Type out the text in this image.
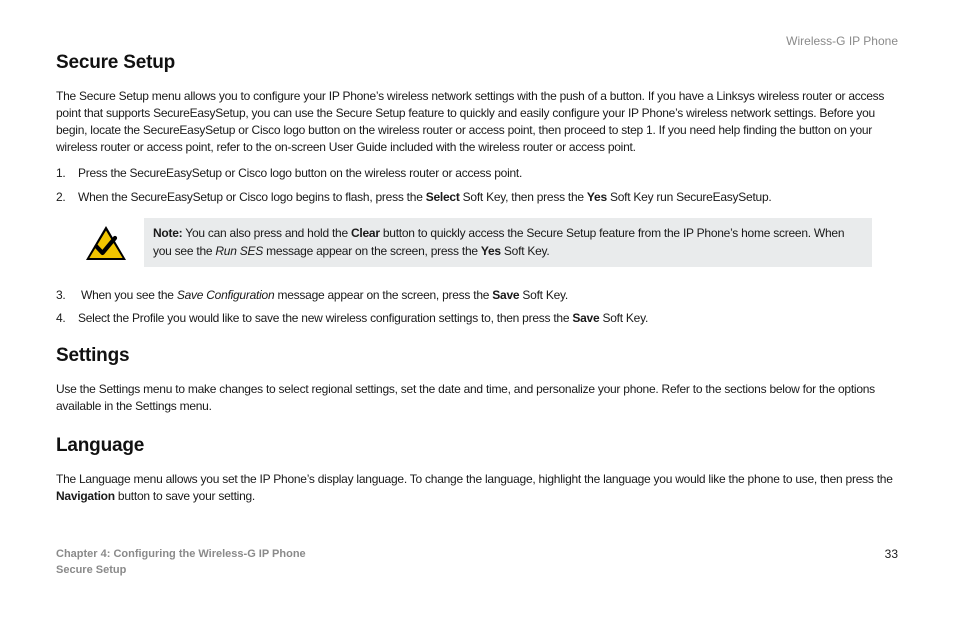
Wireless-G IP Phone
Secure Setup

The Secure Setup menu allows you to configure your IP Phone’s wireless network settings with the push of a button. If you have a Linksys wireless router or access point that supports SecureEasySetup, you can use the Secure Setup feature to quickly and easily configure your IP Phone’s wireless network settings. Before you begin, locate the SecureEasySetup or Cisco logo button on the wireless router or access point, then proceed to step 1. If you need help finding the button on your wireless router or access point, refer to the on-screen User Guide included with the wireless router or access point.

1.	Press the SecureEasySetup or Cisco logo button on the wireless router or access point.
2.	When the SecureEasySetup or Cisco logo begins to flash, press the Select Soft Key, then press the Yes Soft Key run SecureEasySetup.
Note: You can also press and hold the Clear button to quickly access the Secure Setup feature from the IP Phone’s home screen. When you see the Run SES message appear on the screen, press the Yes Soft Key.
3.	When you see the Save Configuration message appear on the screen, press the Save Soft Key.
4.	Select the Profile you would like to save the new wireless configuration settings to, then press the Save Soft Key.
Settings

Use the Settings menu to make changes to select regional settings, set the date and time, and personalize your phone. Refer to the sections below for the options available in the Settings menu.

Language

The Language menu allows you set the IP Phone’s display language. To change the language, highlight the language you would like the phone to use, then press the Navigation button to save your setting.

Chapter 4: Configuring the Wireless-G IP Phone
Secure Setup
33
